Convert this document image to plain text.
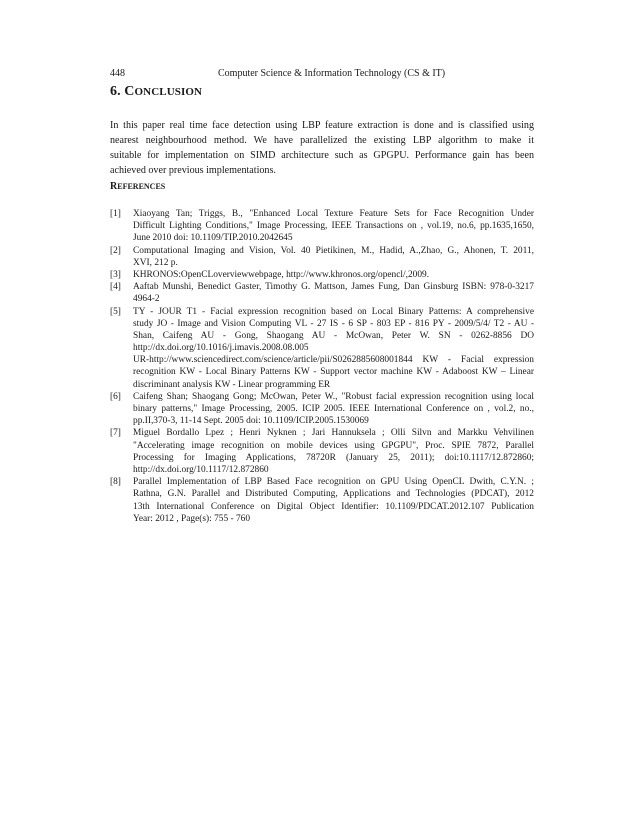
448	Computer Science & Information Technology (CS & IT)
6. CONCLUSION
In this paper real time face detection using LBP feature extraction is done and is classified using
nearest neighbourhood method. We have parallelized the existing LBP algorithm to make it
suitable for implementation on SIMD architecture such as GPGPU. Performance gain has been
achieved over previous implementations.
REFERENCES
[1] Xiaoyang Tan; Triggs, B., "Enhanced Local Texture Feature Sets for Face Recognition Under
Difficult Lighting Conditions," Image Processing, IEEE Transactions on , vol.19, no.6, pp.1635,1650,
June 2010 doi: 10.1109/TIP.2010.2042645
[2] Computational Imaging and Vision, Vol. 40 Pietikinen, M., Hadid, A.,Zhao, G., Ahonen, T. 2011,
XVI, 212 p.
[3] KHRONOS:OpenCLoverviewwebpage, http://www.khronos.org/opencl/,2009.
[4] Aaftab Munshi, Benedict Gaster, Timothy G. Mattson, James Fung, Dan Ginsburg ISBN: 978-0-3217
4964-2
[5] TY - JOUR T1 - Facial expression recognition based on Local Binary Patterns: A comprehensive
study JO - Image and Vision Computing VL - 27 IS - 6 SP - 803 EP - 816 PY - 2009/5/4/ T2 - AU -
Shan, Caifeng AU - Gong, Shaogang AU - McOwan, Peter W. SN - 0262-8856 DO
http://dx.doi.org/10.1016/j.imavis.2008.08.005
UR-http://www.sciencedirect.com/science/article/pii/S0262885608001844 KW - Facial expression
recognition KW - Local Binary Patterns KW - Support vector machine KW - Adaboost KW – Linear
discriminant analysis KW - Linear programming ER
[6] Caifeng Shan; Shaogang Gong; McOwan, Peter W., "Robust facial expression recognition using local
binary patterns," Image Processing, 2005. ICIP 2005. IEEE International Conference on , vol.2, no.,
pp.II,370-3, 11-14 Sept. 2005 doi: 10.1109/ICIP.2005.1530069
[7] Miguel Bordallo Lpez ; Henri Nyknen ; Jari Hannuksela ; Olli Silvn and Markku Vehvilinen
"Accelerating image recognition on mobile devices using GPGPU", Proc. SPIE 7872, Parallel
Processing for Imaging Applications, 78720R (January 25, 2011); doi:10.1117/12.872860;
http://dx.doi.org/10.1117/12.872860
[8] Parallel Implementation of LBP Based Face recognition on GPU Using OpenCL Dwith, C.Y.N. ;
Rathna, G.N. Parallel and Distributed Computing, Applications and Technologies (PDCAT), 2012
13th International Conference on Digital Object Identifier: 10.1109/PDCAT.2012.107 Publication
Year: 2012 , Page(s): 755 - 760
